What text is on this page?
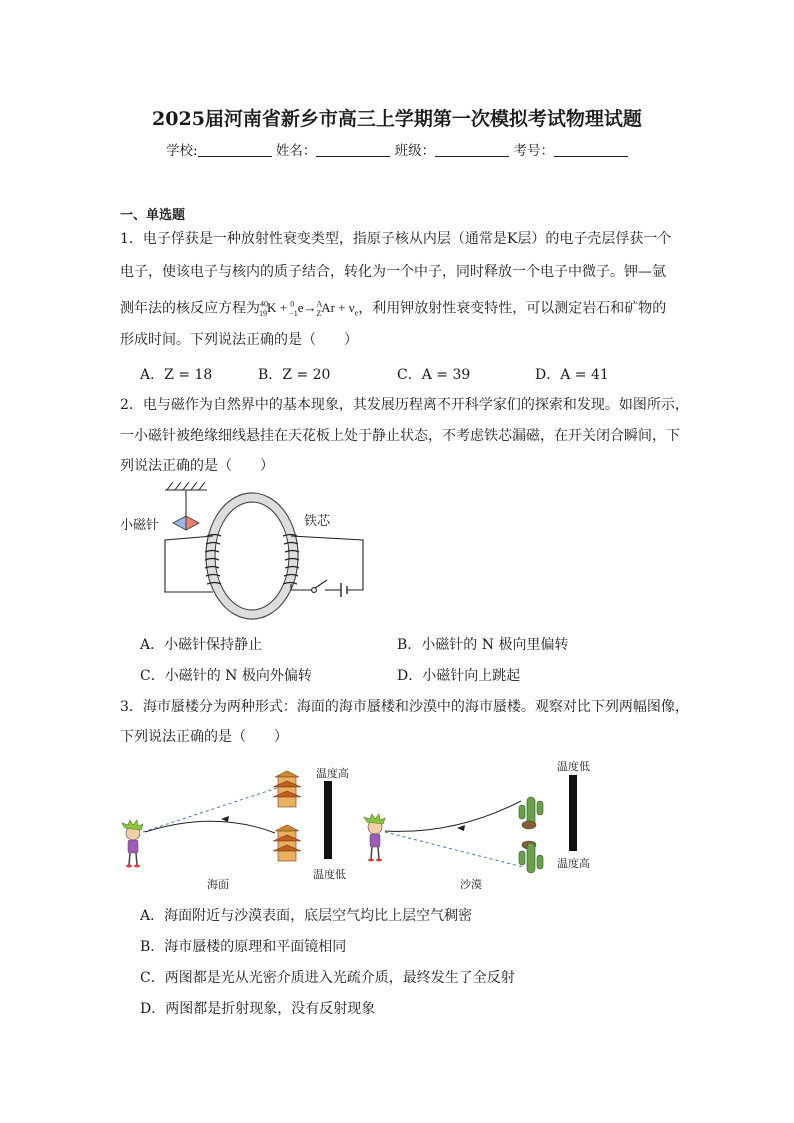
2025届河南省新乡市高三上学期第一次模拟考试物理试题
学校:	姓名：	班级：	考号：
一、单选题
1．电子俘获是一种放射性衰变类型，指原子核从内层（通常是K层）的电子壳层俘获一个
电子，使该电子与核内的质子结合，转化为一个中子，同时释放一个电子中微子。钾—氩
测年法的核反应方程为$^{40}_{19}K + ^0_{-1}e\to^A_ZAr + \nu_e$，利用钾放射性衰变特性，可以测定岩石和矿物的
形成时间。下列说法正确的是（　　）
A．Z = 18	B．Z = 20	C．A = 39	D．A = 41
2．电与磁作为自然界中的基本现象，其发展历程离不开科学家们的探索和发现。如图所示，
一小磁针被绝缘细线悬挂在天花板上处于静止状态，不考虑铁芯漏磁，在开关闭合瞬间，下
列说法正确的是（　　）
小磁针	铁芯
A．小磁针保持静止	B．小磁针的 N 极向里偏转
C．小磁针的 N 极向外偏转	D．小磁针向上跳起
3．海市蜃楼分为两种形式：海面的海市蜃楼和沙漠中的海市蜃楼。观察对比下列两幅图像，
下列说法正确的是（　　）
温度高
温度低
海面
温度低
温度高
沙漠
A．海面附近与沙漠表面，底层空气均比上层空气稠密
B．海市蜃楼的原理和平面镜相同
C．两图都是光从光密介质进入光疏介质，最终发生了全反射
D．两图都是折射现象，没有反射现象
